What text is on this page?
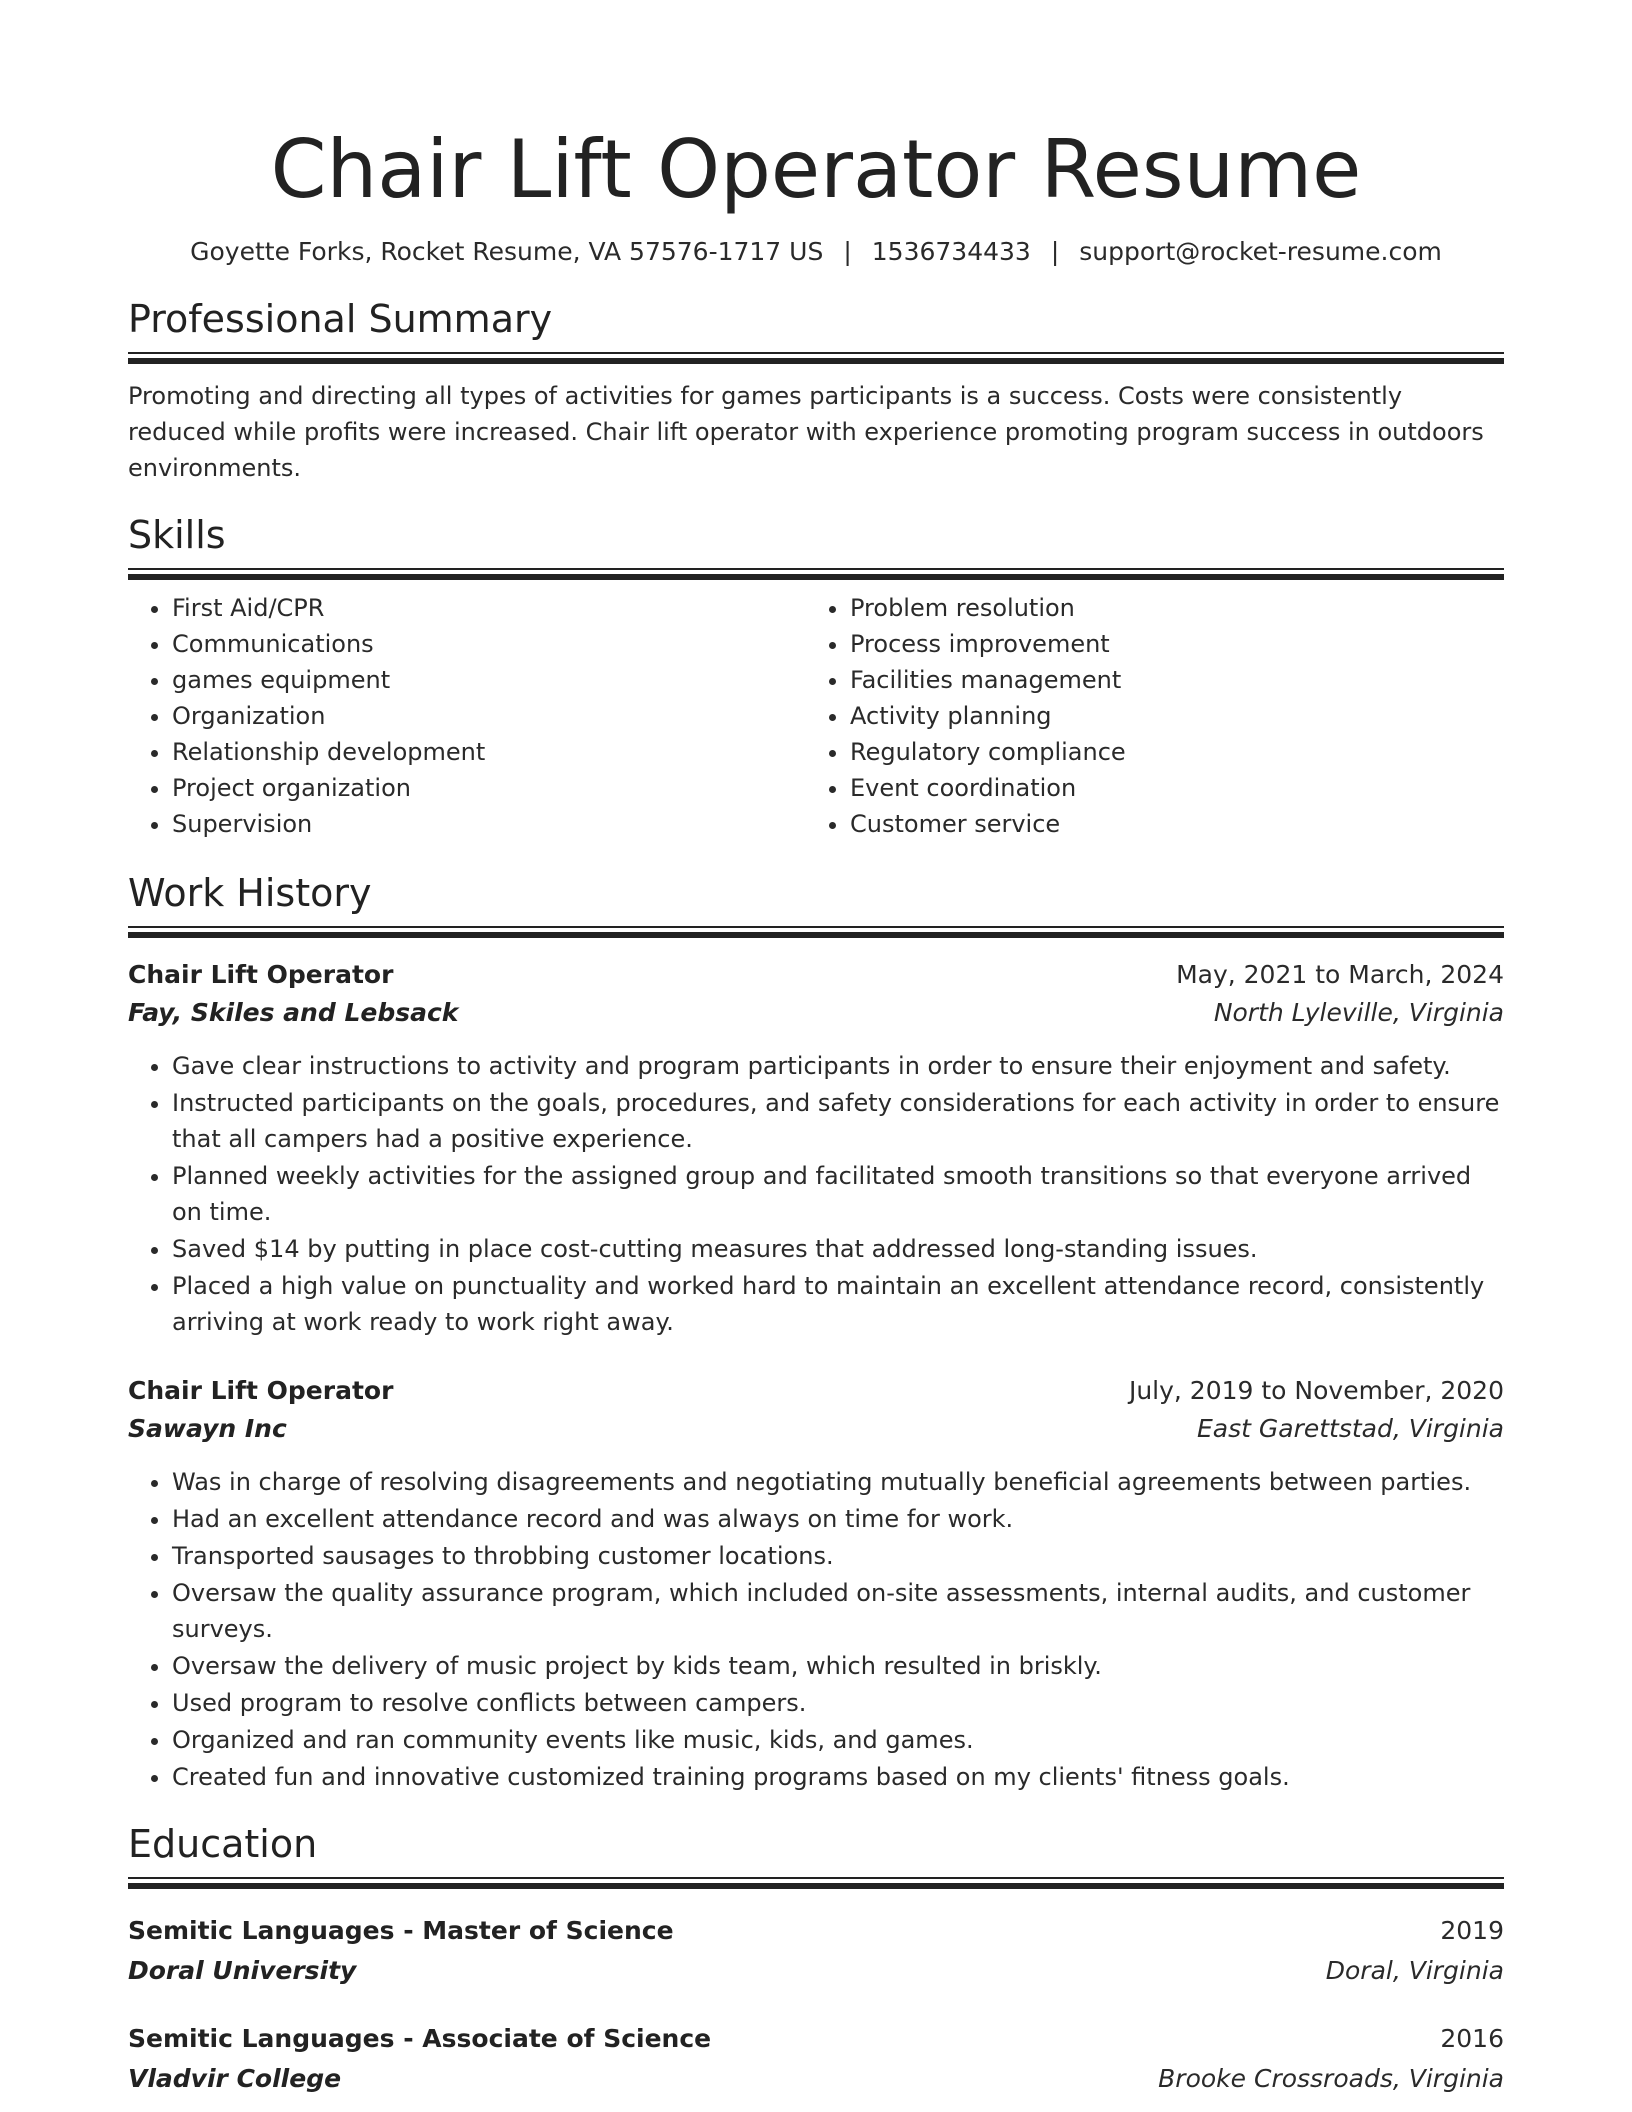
Chair Lift Operator Resume
Goyette Forks, Rocket Resume, VA 57576-1717 US | 1536734433 | support@rocket-resume.com
Professional Summary
Promoting and directing all types of activities for games participants is a success. Costs were consistently reduced while profits were increased. Chair lift operator with experience promoting program success in outdoors environments.
Skills
• First Aid/CPR
• Communications
• games equipment
• Organization
• Relationship development
• Project organization
• Supervision
• Problem resolution
• Process improvement
• Facilities management
• Activity planning
• Regulatory compliance
• Event coordination
• Customer service
Work History
Chair Lift Operator	May, 2021 to March, 2024
Fay, Skiles and Lebsack	North Lyleville, Virginia
• Gave clear instructions to activity and program participants in order to ensure their enjoyment and safety.
• Instructed participants on the goals, procedures, and safety considerations for each activity in order to ensure that all campers had a positive experience.
• Planned weekly activities for the assigned group and facilitated smooth transitions so that everyone arrived on time.
• Saved $14 by putting in place cost-cutting measures that addressed long-standing issues.
• Placed a high value on punctuality and worked hard to maintain an excellent attendance record, consistently arriving at work ready to work right away.
Chair Lift Operator	July, 2019 to November, 2020
Sawayn Inc	East Garettstad, Virginia
• Was in charge of resolving disagreements and negotiating mutually beneficial agreements between parties.
• Had an excellent attendance record and was always on time for work.
• Transported sausages to throbbing customer locations.
• Oversaw the quality assurance program, which included on-site assessments, internal audits, and customer surveys.
• Oversaw the delivery of music project by kids team, which resulted in briskly.
• Used program to resolve conflicts between campers.
• Organized and ran community events like music, kids, and games.
• Created fun and innovative customized training programs based on my clients' fitness goals.
Education
Semitic Languages - Master of Science	2019
Doral University	Doral, Virginia
Semitic Languages - Associate of Science	2016
Vladvir College	Brooke Crossroads, Virginia
